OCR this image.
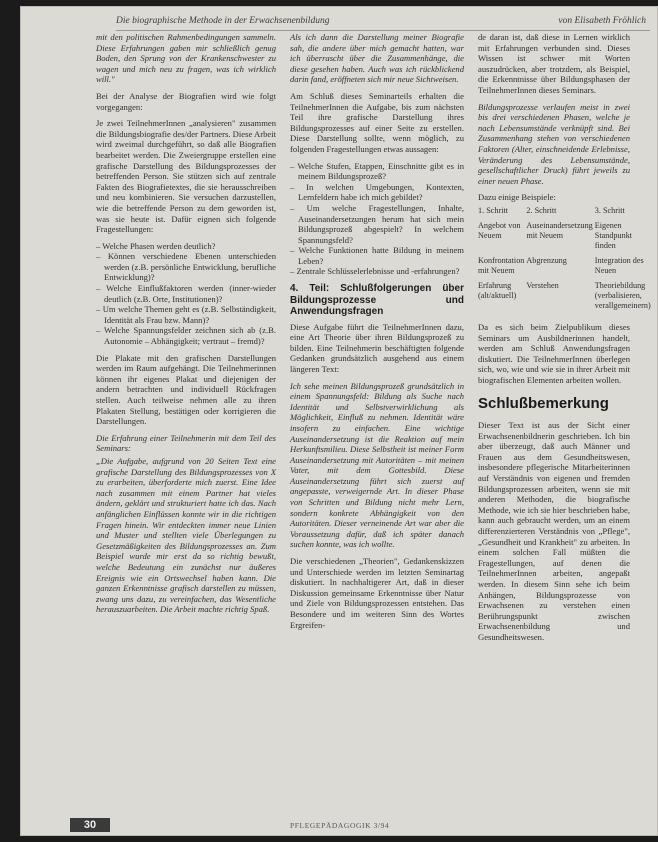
Die biographische Methode in der Erwachsenenbildung	von Elisabeth Fröhlich

mit den politischen Rahmenbedingungen sammeln. Diese Erfahrungen gaben mir schließlich genug Boden, den Sprung von der Krankenschwester zu wagen und mich neu zu fragen, was ich wirklich will."

Bei der Analyse der Biografien wird wie folgt vorgegangen:

Je zwei TeilnehmerInnen „analysieren" zusammen die Bildungsbiografie des/der Partners. Diese Arbeit wird zweimal durchgeführt, so daß alle Biografien bearbeitet werden. Die Zweiergruppe erstellen eine grafische Darstellung des Bildungsprozesses der betreffenden Person. Sie stützen sich auf zentrale Fakten des Biografietextes, die sie herausschreiben und neu kombinieren. Sie versuchen darzustellen, wie die betreffende Person zu dem geworden ist, was sie heute ist. Dafür eignen sich folgende Fragestellungen:

– Welche Phasen werden deutlich?
– Können verschiedene Ebenen unterschieden werden (z.B. persönliche Entwicklung, berufliche Entwicklung)?
– Welche Einflußfaktoren werden (inner-wieder deutlich (z.B. Orte, Institutionen)?
– Um welche Themen geht es (z.B. Selbständigkeit, Identität als Frau bzw. Mann)?
– Welche Spannungsfelder zeichnen sich ab (z.B. Autonomie – Abhängigkeit; vertraut – fremd)?

Die Plakate mit den grafischen Darstellungen werden im Raum aufgehängt. Die Teilnehmerinnen können ihr eigenes Plakat und diejenigen der andern betrachten und individuell Rückfragen stellen. Auch teilweise nehmen alle zu ihren Plakaten Stellung, bestätigen oder korrigieren die Darstellungen.

Die Erfahrung einer Teilnehmerin mit dem Teil des Seminars:

„Die Aufgabe, aufgrund von 20 Seiten Text eine grafische Darstellung des Bildungsprozesses von X zu erarbeiten, überforderte mich zuerst. Eine Idee nach zusammen mit einem Partner hat vieles ändern, geklärt und strukturiert hatte ich das. Nach anfänglichen Einflüssen konnte wir in die richtigen Fragen hinein. Wir entdeckten immer neue Linien und Muster und stellten viele Überlegungen zu Gesetzmäßigkeiten des Bildungsprozesses an. Zum Beispiel wurde mir erst da so richtig bewußt, welche Bedeutung ein zunächst nur äußeres Ereignis wie ein Ortswechsel haben kann. Die ganzen Erkenntnisse grafisch darstellen zu müssen, zwang uns dazu, zu vereinfachen, das Wesentliche herauszuarbeiten. Die Arbeit machte richtig Spaß.

Als ich dann die Darstellung meiner Biografie sah, die andere über mich gemacht hatten, war ich überrascht über die Zusammenhänge, die diese gesehen haben. Auch was ich rückblickend darin fand, eröffneten sich mir neue Sichtweisen.

Am Schluß dieses Seminarteils erhalten die TeilnehmerInnen die Aufgabe, bis zum nächsten Teil ihre grafische Darstellung ihres Bildungsprozesses auf einer Seite zu erstellen. Diese Darstellung sollte, wenn möglich, zu folgenden Fragestellungen etwas aussagen:

– Welche Stufen, Etappen, Einschnitte gibt es in meinem Bildungsprozeß?
– In welchen Umgebungen, Kontexten, Lernfeldern habe ich mich gebildet?
– Um welche Fragestellungen, Inhalte, Auseinandersetzungen herum hat sich mein Bildungsprozeß abgespielt? In welchem Spannungsfeld?
– Welche Funktionen hatte Bildung in meinem Leben?
– Zentrale Schlüsselerlebnisse und -erfahrungen?
4. Teil: Schlußfolgerungen über Bildungsprozesse und Anwendungsfragen

Diese Aufgabe führt die TeilnehmerInnen dazu, eine Art Theorie über ihren Bildungsprozeß zu bilden. Eine Teilnehmerin beschäftigten folgende Gedanken grundsätzlich ausgehend aus einem längeren Text:

Ich sehe meinen Bildungsprozeß grundsätzlich in einem Spannungsfeld: Bildung als Suche nach Identität und Selbstverwirklichung als Möglichkeit, Einfluß zu nehmen. Identität wäre insofern zu einfachen. Eine wichtige Auseinandersetzung ist die Reaktion auf mein Herkunftsmilieu. Diese Selbstheit ist meiner Form Auseinandersetzung mit Autoritäten – mit meinen Vater, mit dem Gottesbild. Diese Auseinandersetzung führt sich zuerst auf angepasste, verweigernde Art. In dieser Phase von Schritten und Bildung nicht mehr Lern, sondern konkrete Abhängigkeit von den Autoritäten. Dieser verneinende Art war aber die Voraussetzung dafür, daß ich später danach suchen konnte, was ich wollte.

Die verschiedenen „Theorien", Gedankenskizzen und Unterschiede werden im letzten Seminartag diskutiert. In nachhaltigerer Art, daß in dieser Diskussion gemeinsame Erkenntnisse über Natur und Ziele von Bildungsprozessen entstehen. Das Besondere und im weiteren Sinn des Wortes Ergreifen-

de daran ist, daß diese in Lernen wirklich mit Erfahrungen verbunden sind. Dieses Wissen ist schwer mit Worten auszudrücken, aber trotzdem, als Beispiel, die Erkenntnisse über Bildungsphasen der TeilnehmerInnen dieses Seminars.

Bildungsprozesse verlaufen meist in zwei bis drei verschiedenen Phasen, welche je nach Lebensumstände verknüpft sind. Bei Zusammenhang stehen von verschiedenen Faktoren (Alter, einschneidende Erlebnisse, Veränderung des Lebensumstände, gesellschaftlicher Druck) führt jeweils zu einer neuen Phase.

Dazu einige Beispiele:

1. Schritt	2. Schritt	3. Schritt
Angebot von Neuem	Auseinandersetzung mit Neuem	Eigenen Standpunkt finden
Konfrontation mit Neuem	Abgrenzung	Integration des Neuen
Erfahrung (alt/aktuell)	Verstehen	Theoriebildung (verbalisieren, verallgemeinern)

Da es sich beim Zielpublikum dieses Seminars um Ausbildnerinnen handelt, werden am Schluß Anwendungsfragen diskutiert. Die TeilnehmerInnen überlegen sich, wo, wie und wie sie in ihrer Arbeit mit biografischen Elementen arbeiten wollen.

Schlußbemerkung

Dieser Text ist aus der Sicht einer Erwachsenenbildnerin geschrieben. Ich bin aber überzeugt, daß auch Männer und Frauen aus dem Gesundheitswesen, insbesondere pflegerische Mitarbeiterinnen auf Verständnis von eigenen und fremden Bildungsprozessen arbeiten, wenn sie mit anderen Methoden, die biografische Methode, wie ich sie hier beschrieben habe, kann auch gebraucht werden, um an einem differenzierteren Verständnis von „Pflege", „Gesundheit und Krankheit" zu arbeiten. In einem solchen Fall müßten die Fragestellungen, auf denen die TeilnehmerInnen arbeiten, angepaßt werden. In diesem Sinn sehe ich beim Anhängen, Bildungsprozesse von Erwachsenen zu verstehen einen Berührungspunkt zwischen Erwachsenenbildung und Gesundheitswesen.

30	PFLEGEPÄDAGOGIK 3/94
